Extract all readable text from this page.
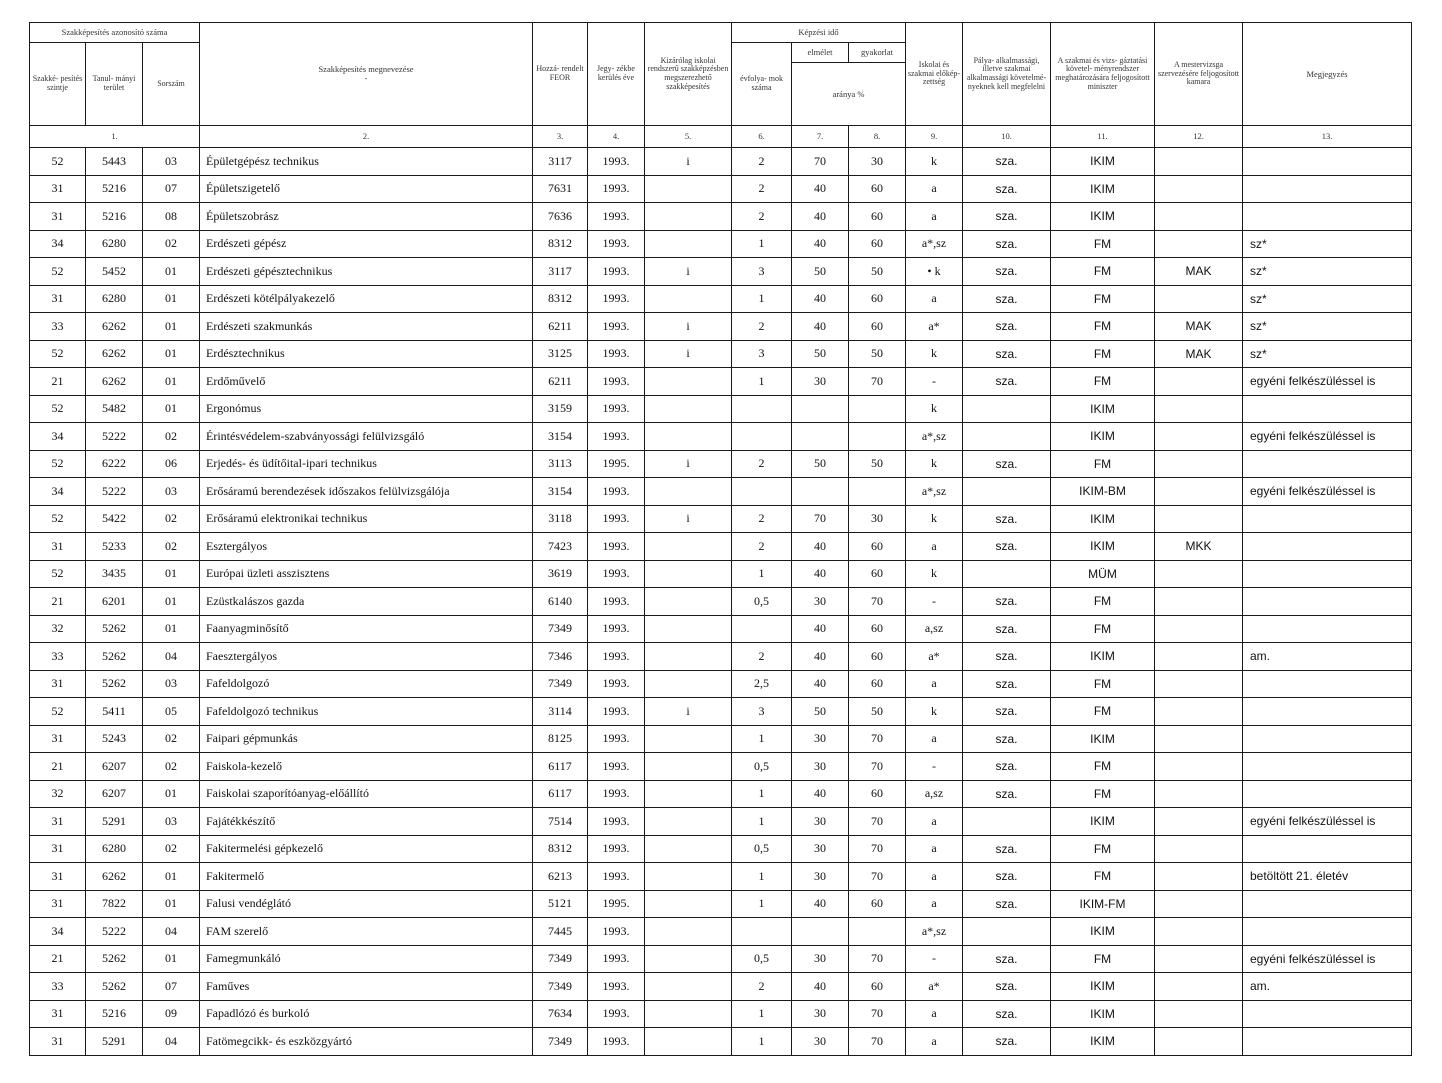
Szakképesítés azonosító száma			Szakképesítés megnevezése
-	Hozzá- rendelt FEOR	Jegy- zékbe kerülés éve	Kizárólag iskolai rendszerű szakképzésben megszerezhető szakképesítés	Képzési idő			Iskolai és szakmai előkép- zettség	Pálya- alkalmassági, illetve szakmai alkalmassági követelmé- nyeknek kell megfelelni	A szakmai és vizs- gáztatási követel- ményrendszer meghatározására feljogosított miniszter	A mestervizsga szervezésére feljogosított kamara	Megjegyzés
Szakké- pesítés szintje	Tanul- mányi terület	Sorszám					évfolya- mok száma	elmélet	gyakorlat					
								aránya %						
1.			2.	3.	4.	5.	6.	7.	8.	9.	10.	11.	12.	13.
52	5443	03	Épületgépész technikus	3117	1993.	i	2	70	30	k	sza.	IKIM		
31	5216	07	Épületszigetelő	7631	1993.		2	40	60	a	sza.	IKIM		
31	5216	08	Épületszobrász	7636	1993.		2	40	60	a	sza.	IKIM		
34	6280	02	Erdészeti gépész	8312	1993.		1	40	60	a*,sz	sza.	FM		sz*
52	5452	01	Erdészeti gépésztechnikus	3117	1993.	i	3	50	50	• k	sza.	FM	MAK	sz*
31	6280	01	Erdészeti kötélpályakezelő	8312	1993.		1	40	60	a	sza.	FM		sz*
33	6262	01	Erdészeti szakmunkás	6211	1993.	i	2	40	60	a*	sza.	FM	MAK	sz*
52	6262	01	Erdésztechnikus	3125	1993.	i	3	50	50	k	sza.	FM	MAK	sz*
21	6262	01	Erdőművelő	6211	1993.		1	30	70	-	sza.	FM		egyéni felkészüléssel is
52	5482	01	Ergonómus	3159	1993.					k		IKIM		
34	5222	02	Érintésvédelem-szabványossági felülvizsgáló	3154	1993.					a*,sz		IKIM		egyéni felkészüléssel is
52	6222	06	Erjedés- és üdítőital-ipari technikus	3113	1995.	i	2	50	50	k	sza.	FM		
34	5222	03	Erősáramú berendezések időszakos felülvizsgálója	3154	1993.					a*,sz		IKIM-BM		egyéni felkészüléssel is
52	5422	02	Erősáramú elektronikai technikus	3118	1993.	i	2	70	30	k	sza.	IKIM		
31	5233	02	Esztergályos	7423	1993.		2	40	60	a	sza.	IKIM	MKK	
52	3435	01	Európai üzleti asszisztens	3619	1993.		1	40	60	k		MÜM		
21	6201	01	Ezüstkalászos gazda	6140	1993.		0,5	30	70	-	sza.	FM		
32	5262	01	Faanyagminősítő	7349	1993.			40	60	a,sz	sza.	FM		
33	5262	04	Faesztergályos	7346	1993.		2	40	60	a*	sza.	IKIM		am.
31	5262	03	Fafeldolgozó	7349	1993.		2,5	40	60	a	sza.	FM		
52	5411	05	Fafeldolgozó technikus	3114	1993.	i	3	50	50	k	sza.	FM		
31	5243	02	Faipari gépmunkás	8125	1993.		1	30	70	a	sza.	IKIM		
21	6207	02	Faiskola-kezelő	6117	1993.		0,5	30	70	-	sza.	FM		
32	6207	01	Faiskolai szaporítóanyag-előállító	6117	1993.		1	40	60	a,sz	sza.	FM		
31	5291	03	Fajátékkészítő	7514	1993.		1	30	70	a		IKIM		egyéni felkészüléssel is
31	6280	02	Fakitermelési gépkezelő	8312	1993.		0,5	30	70	a	sza.	FM		
31	6262	01	Fakitermelő	6213	1993.		1	30	70	a	sza.	FM		betöltött 21. életév
31	7822	01	Falusi vendéglátó	5121	1995.		1	40	60	a	sza.	IKIM-FM		
34	5222	04	FAM szerelő	7445	1993.					a*,sz		IKIM		
21	5262	01	Famegmunkáló	7349	1993.		0,5	30	70	-	sza.	FM		egyéni felkészüléssel is
33	5262	07	Faműves	7349	1993.		2	40	60	a*	sza.	IKIM		am.
31	5216	09	Fapadlózó és burkoló	7634	1993.		1	30	70	a	sza.	IKIM		
31	5291	04	Fatömegcikk- és eszközgyártó	7349	1993.		1	30	70	a	sza.	IKIM		
